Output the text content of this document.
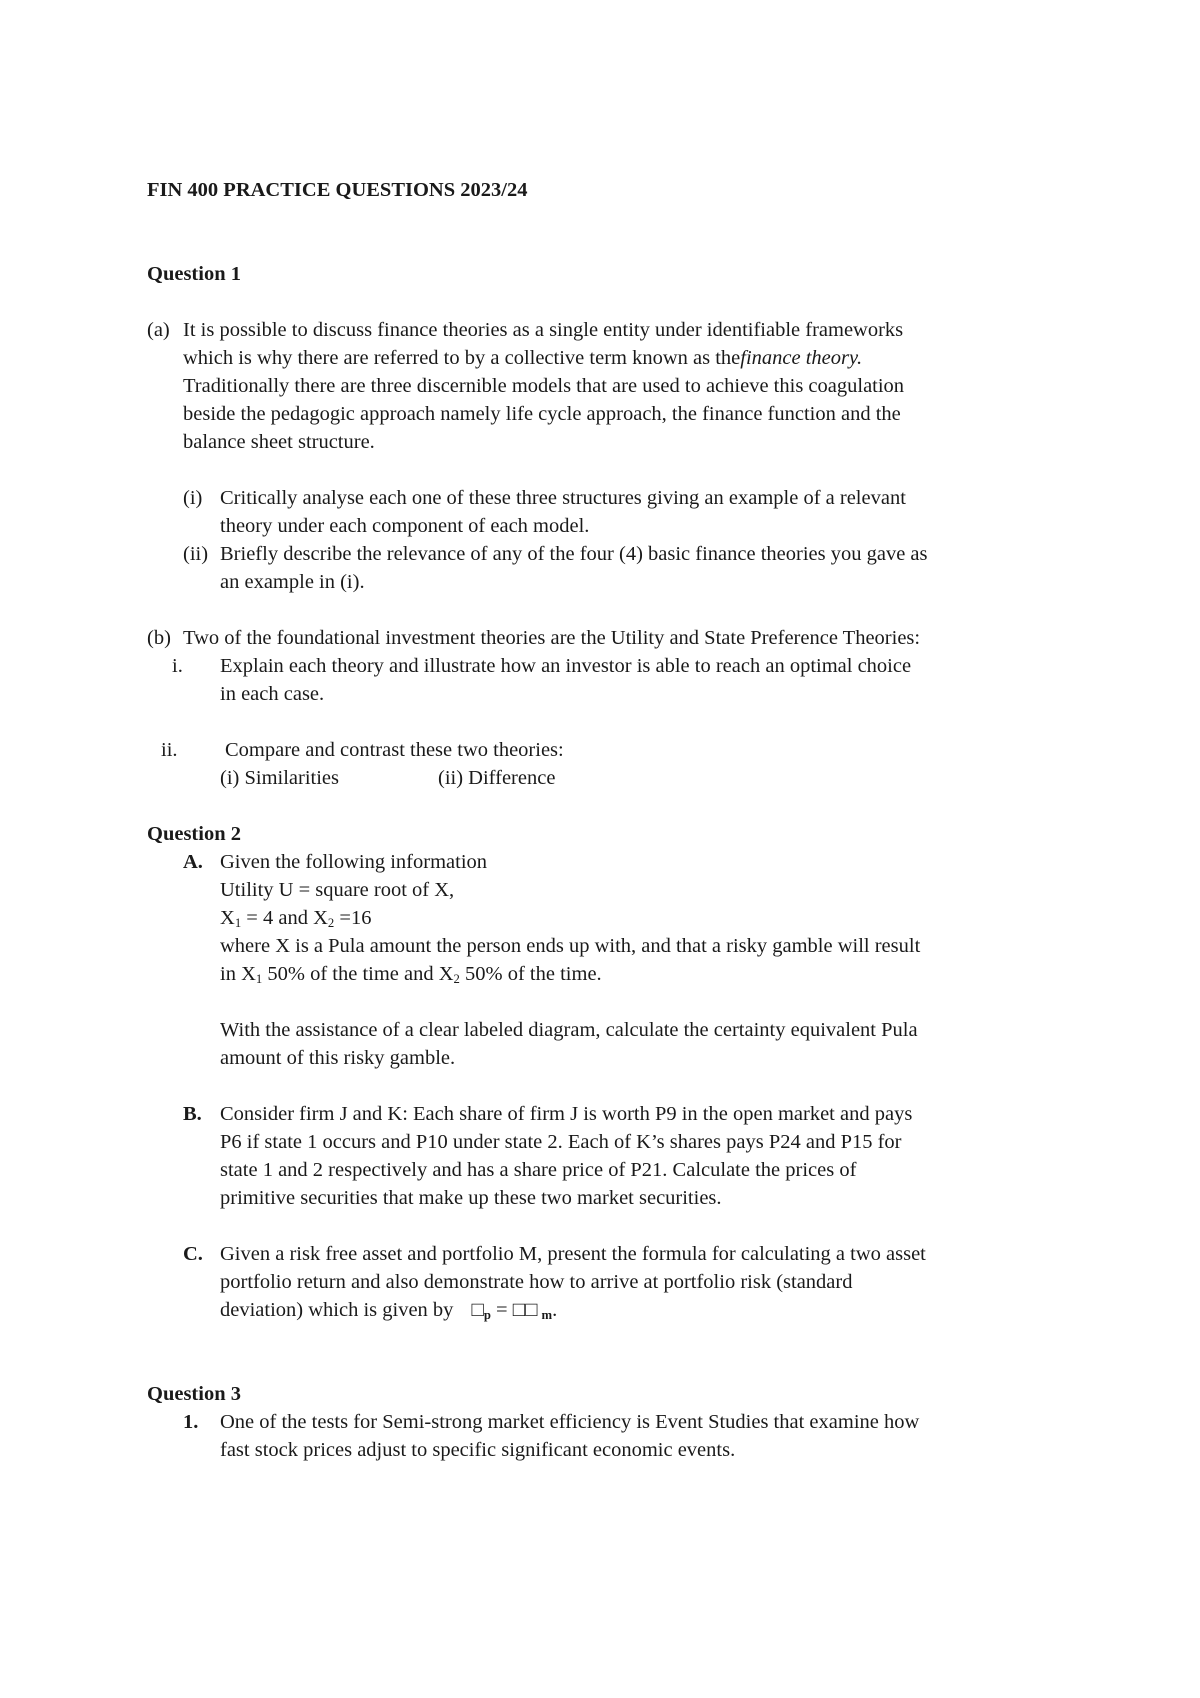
FIN 400 PRACTICE QUESTIONS 2023/24
Question 1
(a) It is possible to discuss finance theories as a single entity under identifiable frameworks
which is why there are referred to by a collective term known as thefinance theory.
Traditionally there are three discernible models that are used to achieve this coagulation
beside the pedagogic approach namely life cycle approach, the finance function and the
balance sheet structure.
(i) Critically analyse each one of these three structures giving an example of a relevant
theory under each component of each model.
(ii) Briefly describe the relevance of any of the four (4) basic finance theories you gave as
an example in (i).
(b) Two of the foundational investment theories are the Utility and State Preference Theories:
i. Explain each theory and illustrate how an investor is able to reach an optimal choice
in each case.
ii. Compare and contrast these two theories:
(i) Similarities	(ii) Difference
Question 2
A. Given the following information
Utility U = square root of X,
$X_1 = 4$ and $X_2 =16$
where X is a Pula amount the person ends up with, and that a risky gamble will result
in $X_1$ 50% of the time and $X_2$ 50% of the time.
With the assistance of a clear labeled diagram, calculate the certainty equivalent Pula
amount of this risky gamble.
B. Consider firm J and K: Each share of firm J is worth P9 in the open market and pays
P6 if state 1 occurs and P10 under state 2. Each of K’s shares pays P24 and P15 for
state 1 and 2 respectively and has a share price of P21. Calculate the prices of
primitive securities that make up these two market securities.
C. Given a risk free asset and portfolio M, present the formula for calculating a two asset
portfolio return and also demonstrate how to arrive at portfolio risk (standard
deviation) which is given by $□_p$ = □□ $_m$.
Question 3
1. One of the tests for Semi-strong market efficiency is Event Studies that examine how
fast stock prices adjust to specific significant economic events.
